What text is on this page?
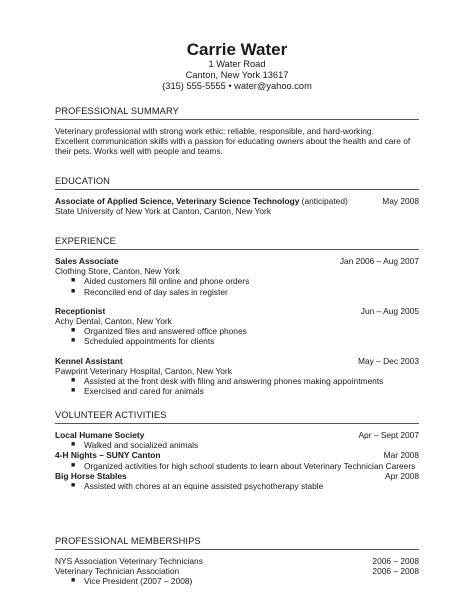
Carrie Water
1 Water Road
Canton, New York 13617
(315) 555-5555 • water@yahoo.com
PROFESSIONAL SUMMARY
Veterinary professional with strong work ethic: reliable, responsible, and hard-working.
Excellent communication skills with a passion for educating owners about the health and care of
their pets. Works well with people and teams.
EDUCATION
Associate of Applied Science, Veterinary Science Technology (anticipated)	May 2008
State University of New York at Canton, Canton, New York
EXPERIENCE
Sales Associate	Jan 2006 – Aug 2007
Clothing Store, Canton, New York
■ Aided customers fill online and phone orders
■ Reconciled end of day sales in register
Receptionist	Jun – Aug 2005
Achy Dental, Canton, New York
■ Organized files and answered office phones
■ Scheduled appointments for clients
Kennel Assistant	May – Dec 2003
Pawprint Veterinary Hospital, Canton, New York
■ Assisted at the front desk with filing and answering phones making appointments
■ Exercised and cared for animals
VOLUNTEER ACTIVITIES
Local Humane Society	Apr – Sept 2007
■ Walked and socialized animals
4-H Nights – SUNY Canton	Mar 2008
■ Organized activities for high school students to learn about Veterinary Technician Careers
Big Horse Stables	Apr 2008
■ Assisted with chores at an equine assisted psychotherapy stable
PROFESSIONAL MEMBERSHIPS
NYS Association Veterinary Technicians	2006 – 2008
Veterinary Technician Association	2006 – 2008
■ Vice President (2007 – 2008)
